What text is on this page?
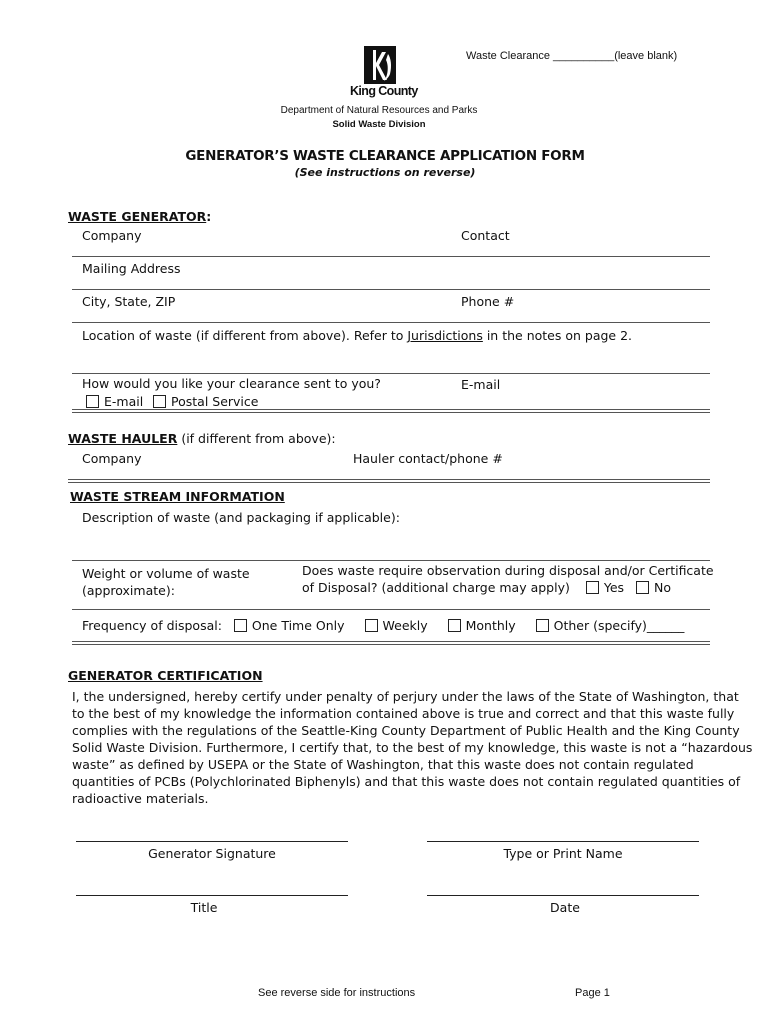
Waste Clearance __________(leave blank)
King County
Department of Natural Resources and Parks
Solid Waste Division
GENERATOR’S WASTE CLEARANCE APPLICATION FORM
(See instructions on reverse)
WASTE GENERATOR:
Company	Contact
Mailing Address
City, State, ZIP	Phone #
Location of waste (if different from above). Refer to Jurisdictions in the notes on page 2.
How would you like your clearance sent to you?	E-mail
E-mail	Postal Service
WASTE HAULER (if different from above):
Company	Hauler contact/phone #
WASTE STREAM INFORMATION
Description of waste (and packaging if applicable):
Weight or volume of waste
(approximate):
Does waste require observation during disposal and/or Certificate
of Disposal? (additional charge may apply)	Yes No
Frequency of disposal: One Time Only	Weekly	Monthly	Other (specify)______
GENERATOR CERTIFICATION
I, the undersigned, hereby certify under penalty of perjury under the laws of the State of Washington, that
to the best of my knowledge the information contained above is true and correct and that this waste fully
complies with the regulations of the Seattle-King County Department of Public Health and the King County
Solid Waste Division. Furthermore, I certify that, to the best of my knowledge, this waste is not a “hazardous
waste” as defined by USEPA or the State of Washington, that this waste does not contain regulated
quantities of PCBs (Polychlorinated Biphenyls) and that this waste does not contain regulated quantities of
radioactive materials.
Generator Signature	Type or Print Name
Title	Date
See reverse side for instructions	Page 1
